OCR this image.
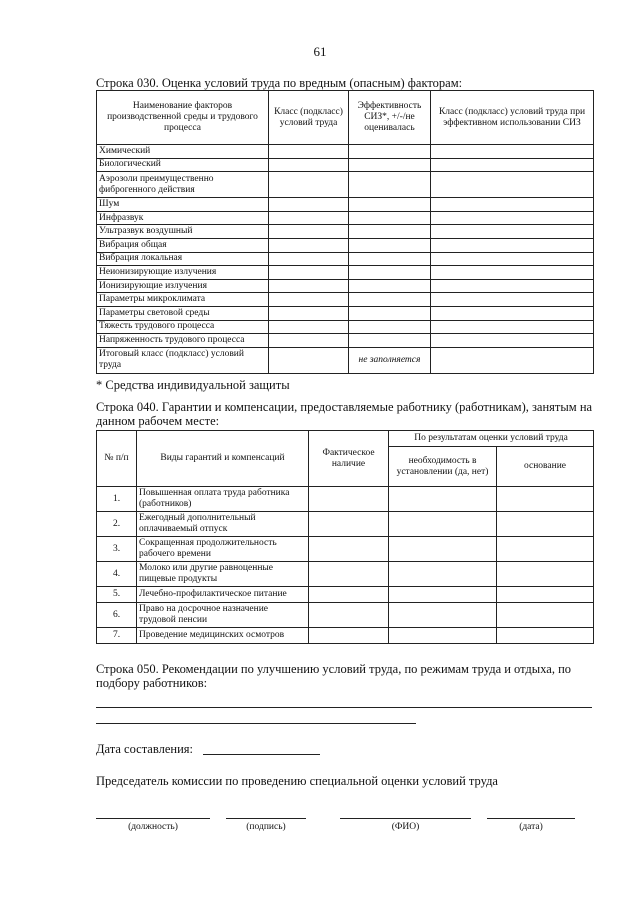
61
Строка 030. Оценка условий труда по вредным (опасным) факторам:
Наименование факторов производственной среды и трудового процесса	Класс (подкласс) условий труда	Эффективность СИЗ*, +/-/не оценивалась	Класс (подкласс) условий труда при эффективном использовании СИЗ
Химический			
Биологический			
Аэрозоли преимущественно фиброгенного действия			
Шум			
Инфразвук			
Ультразвук воздушный			
Вибрация общая			
Вибрация локальная			
Неионизирующие излучения			
Ионизирующие излучения			
Параметры микроклимата			
Параметры световой среды			
Тяжесть трудового процесса			
Напряженность трудового процесса			
Итоговый класс (подкласс) условий труда		не заполняется	
* Средства индивидуальной защиты
Строка 040. Гарантии и компенсации, предоставляемые работнику (работникам), занятым на данном рабочем месте:
№ п/п	Виды гарантий и компенсаций	Фактическое наличие	По результатам оценки условий труда	
			необходимость в установлении (да, нет)	основание
1.	Повышенная оплата труда работника (работников)			
2.	Ежегодный дополнительный оплачиваемый отпуск			
3.	Сокращенная продолжительность рабочего времени			
4.	Молоко или другие равноценные пищевые продукты			
5.	Лечебно-профилактическое питание			
6.	Право на досрочное назначение трудовой пенсии			
7.	Проведение медицинских осмотров			
Строка 050. Рекомендации по улучшению условий труда, по режимам труда и отдыха, по подбору работников:
Дата составления:
Председатель комиссии по проведению специальной оценки условий труда
(должность)	(подпись)	(ФИО)	(дата)
